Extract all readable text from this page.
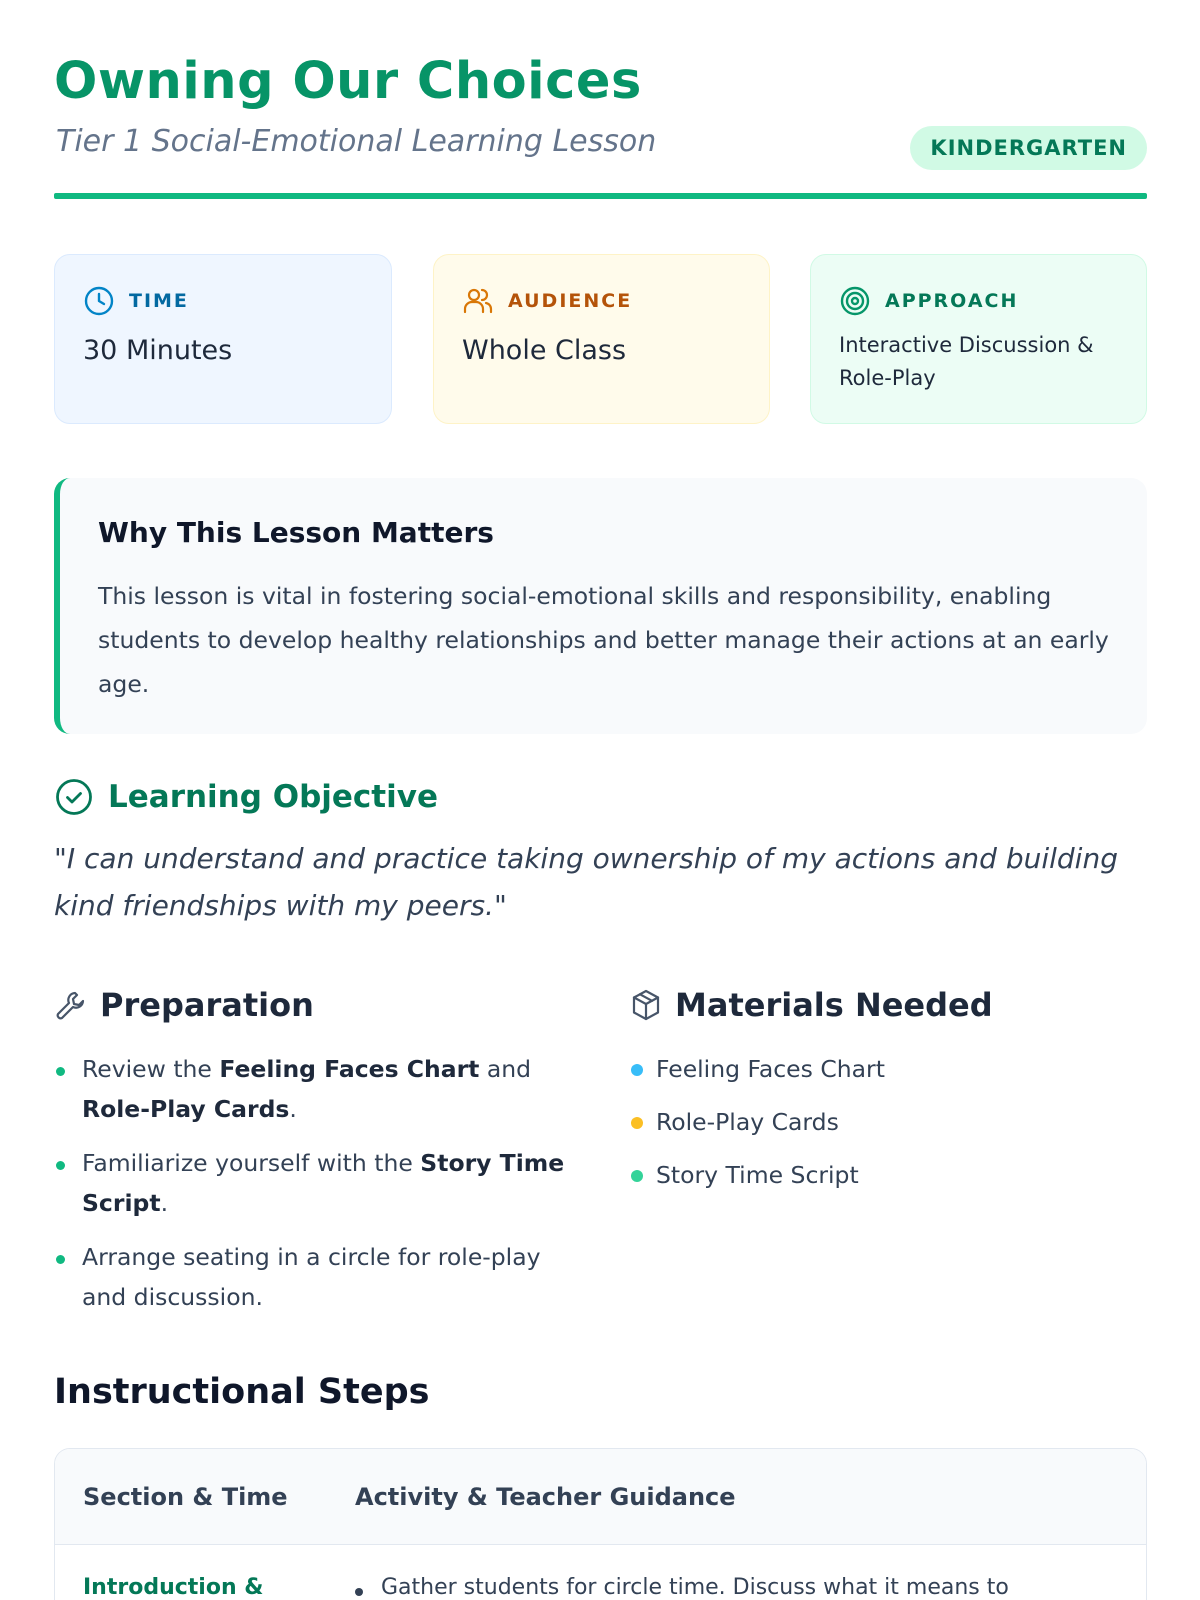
Owning Our Choices
Tier 1 Social-Emotional Learning Lesson	KINDERGARTEN
TIME
30 Minutes
AUDIENCE
Whole Class
APPROACH
Interactive Discussion & Role-Play
Why This Lesson Matters

This lesson is vital in fostering social-emotional skills and responsibility, enabling students to develop healthy relationships and better manage their actions at an early age.

Learning Objective

"I can understand and practice taking ownership of my actions and building kind friendships with my peers."

Preparation
Review the Feeling Faces Chart and Role-Play Cards.
Familiarize yourself with the Story Time Script.
Arrange seating in a circle for role-play and discussion.
Materials Needed
Feeling Faces Chart
Role-Play Cards
Story Time Script
Instructional Steps
Section & Time	Activity & Teacher Guidance
Introduction &	Gather students for circle time. Discuss what it means to
